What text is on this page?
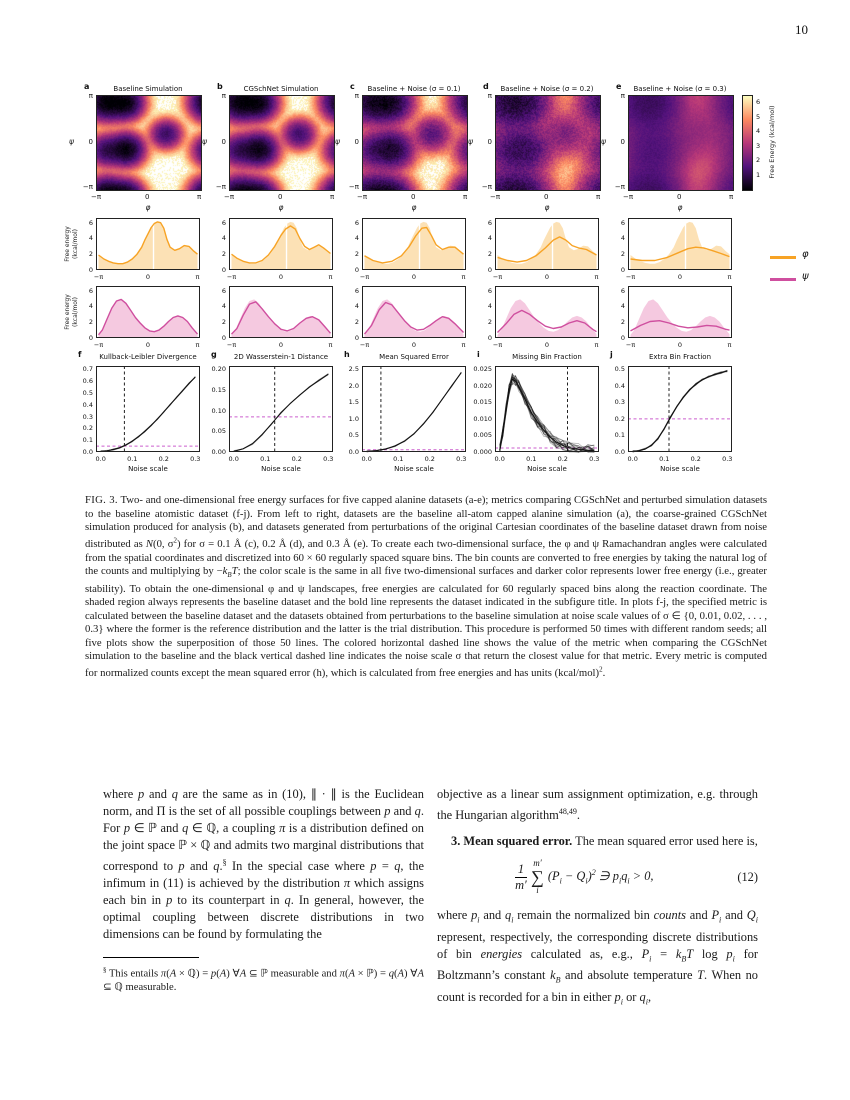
10
a	Baseline Simulation
π
0
−π
ψ
−π	0	π
φ
b	CGSchNet Simulation
π
0
−π
ψ
−π	0	π
φ
c	Baseline + Noise (σ = 0.1)
π
0
−π
ψ
−π	0	π
φ
d	Baseline + Noise (σ = 0.2)
π
0
−π
ψ
−π	0	π
φ
e	Baseline + Noise (σ = 0.3)
π
0
−π
ψ
−π	0	π
φ
1
2
3
4
5
6
Free Energy (kcal/mol)
0
2
4
6
−π	0	π
Free energy (kcal/mol)
0
2
4
6
−π	0	π
0
2
4
6
−π	0	π
0
2
4
6
−π	0	π
0
2
4
6
−π	0	π
0
2
4
6
−π	0	π
Free energy (kcal/mol)
0
2
4
6
−π	0	π
0
2
4
6
−π	0	π
0
2
4
6
−π	0	π
0
2
4
6
−π	0	π
φ
ψ
f	Kullback-Leibler Divergence
0.0
0.1
0.2
0.3
0.4
0.5
0.6
0.7
0.0	0.1	0.2	0.3
Noise scale
g	2D Wasserstein-1 Distance
0.00
0.05
0.10
0.15
0.20
0.0	0.1	0.2	0.3
Noise scale
h	Mean Squared Error
0.0
0.5
1.0
1.5
2.0
2.5
0.0	0.1	0.2	0.3
Noise scale
i	Missing Bin Fraction
0.000
0.005
0.010
0.015
0.020
0.025
0.0	0.1	0.2	0.3
Noise scale
j	Extra Bin Fraction
0.0
0.1
0.2
0.3
0.4
0.5
0.0	0.1	0.2	0.3
Noise scale
FIG. 3. Two- and one-dimensional free energy surfaces for five capped alanine datasets (a-e); metrics comparing CGSchNet and perturbed simulation datasets to the baseline atomistic dataset (f-j). From left to right, datasets are the baseline all-atom capped alanine simulation (a), the coarse-grained CGSchNet simulation produced for analysis (b), and datasets generated from perturbations of the original Cartesian coordinates of the baseline dataset drawn from noise distributed as N(0, $\sigma^2$) for σ = 0.1 Å (c), 0.2 Å (d), and 0.3 Å (e). To create each two-dimensional surface, the φ and ψ Ramachandran angles were calculated from the spatial coordinates and discretized into 60 × 60 regularly spaced square bins. The bin counts are converted to free energies by taking the natural log of the counts and multiplying by $-k_BT$; the color scale is the same in all five two-dimensional surfaces and darker color represents lower free energy (i.e., greater stability). To obtain the one-dimensional φ and ψ landscapes, free energies are calculated for 60 regularly spaced bins along the reaction coordinate. The shaded region always represents the baseline dataset and the bold line represents the dataset indicated in the subfigure title. In plots f-j, the specified metric is calculated between the baseline dataset and the datasets obtained from perturbations to the baseline simulation at noise scale values of σ ∈ {0, 0.01, 0.02, . . . , 0.3} where the former is the reference distribution and the latter is the trial distribution. This procedure is performed 50 times with different random seeds; all five plots show the superposition of those 50 lines. The colored horizontal dashed line shows the value of the metric when comparing the CGSchNet simulation to the baseline and the black vertical dashed line indicates the noise scale σ that return the closest value for that metric. Every metric is computed for normalized counts except the mean squared error (h), which is calculated from free energies and has units (kcal/mol)$^2$.

where p and q are the same as in (10), ∥ · ∥ is the Euclidean norm, and Π is the set of all possible couplings between p and q. For p ∈ ℙ and q ∈ ℚ, a coupling π is a distribution defined on the joint space ℙ × ℚ and admits two marginal distributions that correspond to p and q.§ In the special case where p = q, the infimum in (11) is achieved by the distribution π which assigns each bin in p to its counterpart in q. In general, however, the optimal coupling between discrete distributions in two dimensions can be found by formulating the

§ This entails π(A × ℚ) = p(A) ∀A ⊆ ℙ measurable and π(A × ℙ) = q(A) ∀A ⊆ ℚ measurable.

objective as a linear sum assignment optimization, e.g. through the Hungarian algorithm$^{48,49}$.

3. Mean squared error. The mean squared error used here is,

$\frac{1}{m'} m'$
∑
i
$(P_i - Q_i)^2$ ∋ $p_iq_i > 0$,	(12)

where $p_i$ and $q_i$ remain the normalized bin counts and $P_i$ and $Q_i$ represent, respectively, the corresponding discrete distributions of bin energies calculated as, e.g., $P_i = k_BT$ $\log p_i$ for Boltzmann’s constant $k_B$ and absolute temperature T. When no count is recorded for a bin in either $p_i$ or $q_i$,
